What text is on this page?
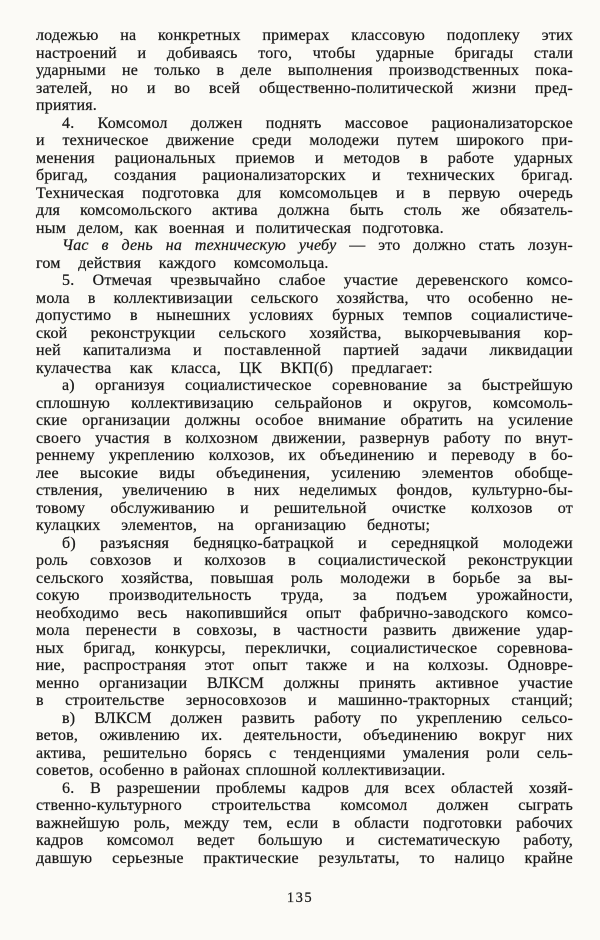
лодежью на конкретных примерах классовую подоплеку этих
настроений и добиваясь того, чтобы ударные бригады стали
ударными не только в деле выполнения производственных пока-
зателей, но и во всей общественно-политической жизни пред-
приятия.
4. Комсомол должен поднять массовое рационализаторское
и техническое движение среди молодежи путем широкого при-
менения рациональных приемов и методов в работе ударных
бригад, создания рационализаторских и технических бригад.
Техническая подготовка для комсомольцев и в первую очередь
для комсомольского актива должна быть столь же обязатель-
ным делом, как военная и политическая подготовка.
Час в день на техническую учебу — это должно стать лозун-
гом действия каждого комсомольца.
5. Отмечая чрезвычайно слабое участие деревенского комсо-
мола в коллективизации сельского хозяйства, что особенно не-
допустимо в нынешних условиях бурных темпов социалистиче-
ской реконструкции сельского хозяйства, выкорчевывания кор-
ней капитализма и поставленной партией задачи ликвидации
кулачества как класса, ЦК ВКП(б) предлагает:
а) организуя социалистическое соревнование за быстрейшую
сплошную коллективизацию сельрайонов и округов, комсомоль-
ские организации должны особое внимание обратить на усиление
своего участия в колхозном движении, развернув работу по внут-
реннему укреплению колхозов, их объединению и переводу в бо-
лее высокие виды объединения, усилению элементов обобще-
ствления, увеличению в них неделимых фондов, культурно-бы-
товому обслуживанию и решительной очистке колхозов от
кулацких элементов, на организацию бедноты;
б) разъясняя бедняцко-батрацкой и середняцкой молодежи
роль совхозов и колхозов в социалистической реконструкции
сельского хозяйства, повышая роль молодежи в борьбе за вы-
сокую производительность труда, за подъем урожайности,
необходимо весь накопившийся опыт фабрично-заводского комсо-
мола перенести в совхозы, в частности развить движение удар-
ных бригад, конкурсы, переклички, социалистическое соревнова-
ние, распространяя этот опыт также и на колхозы. Одновре-
менно организации ВЛКСМ должны принять активное участие
в строительстве зерносовхозов и машинно-тракторных станций;
в) ВЛКСМ должен развить работу по укреплению сельсо-
ветов, оживлению их. деятельности, объединению вокруг них
актива, решительно борясь с тенденциями умаления роли сель-
советов, особенно в районах сплошной коллективизации.
6. В разрешении проблемы кадров для всех областей хозяй-
ственно-культурного строительства комсомол должен сыграть
важнейшую роль, между тем, если в области подготовки рабочих
кадров комсомол ведет большую и систематическую работу,
давшую серьезные практические результаты, то налицо крайне
135
